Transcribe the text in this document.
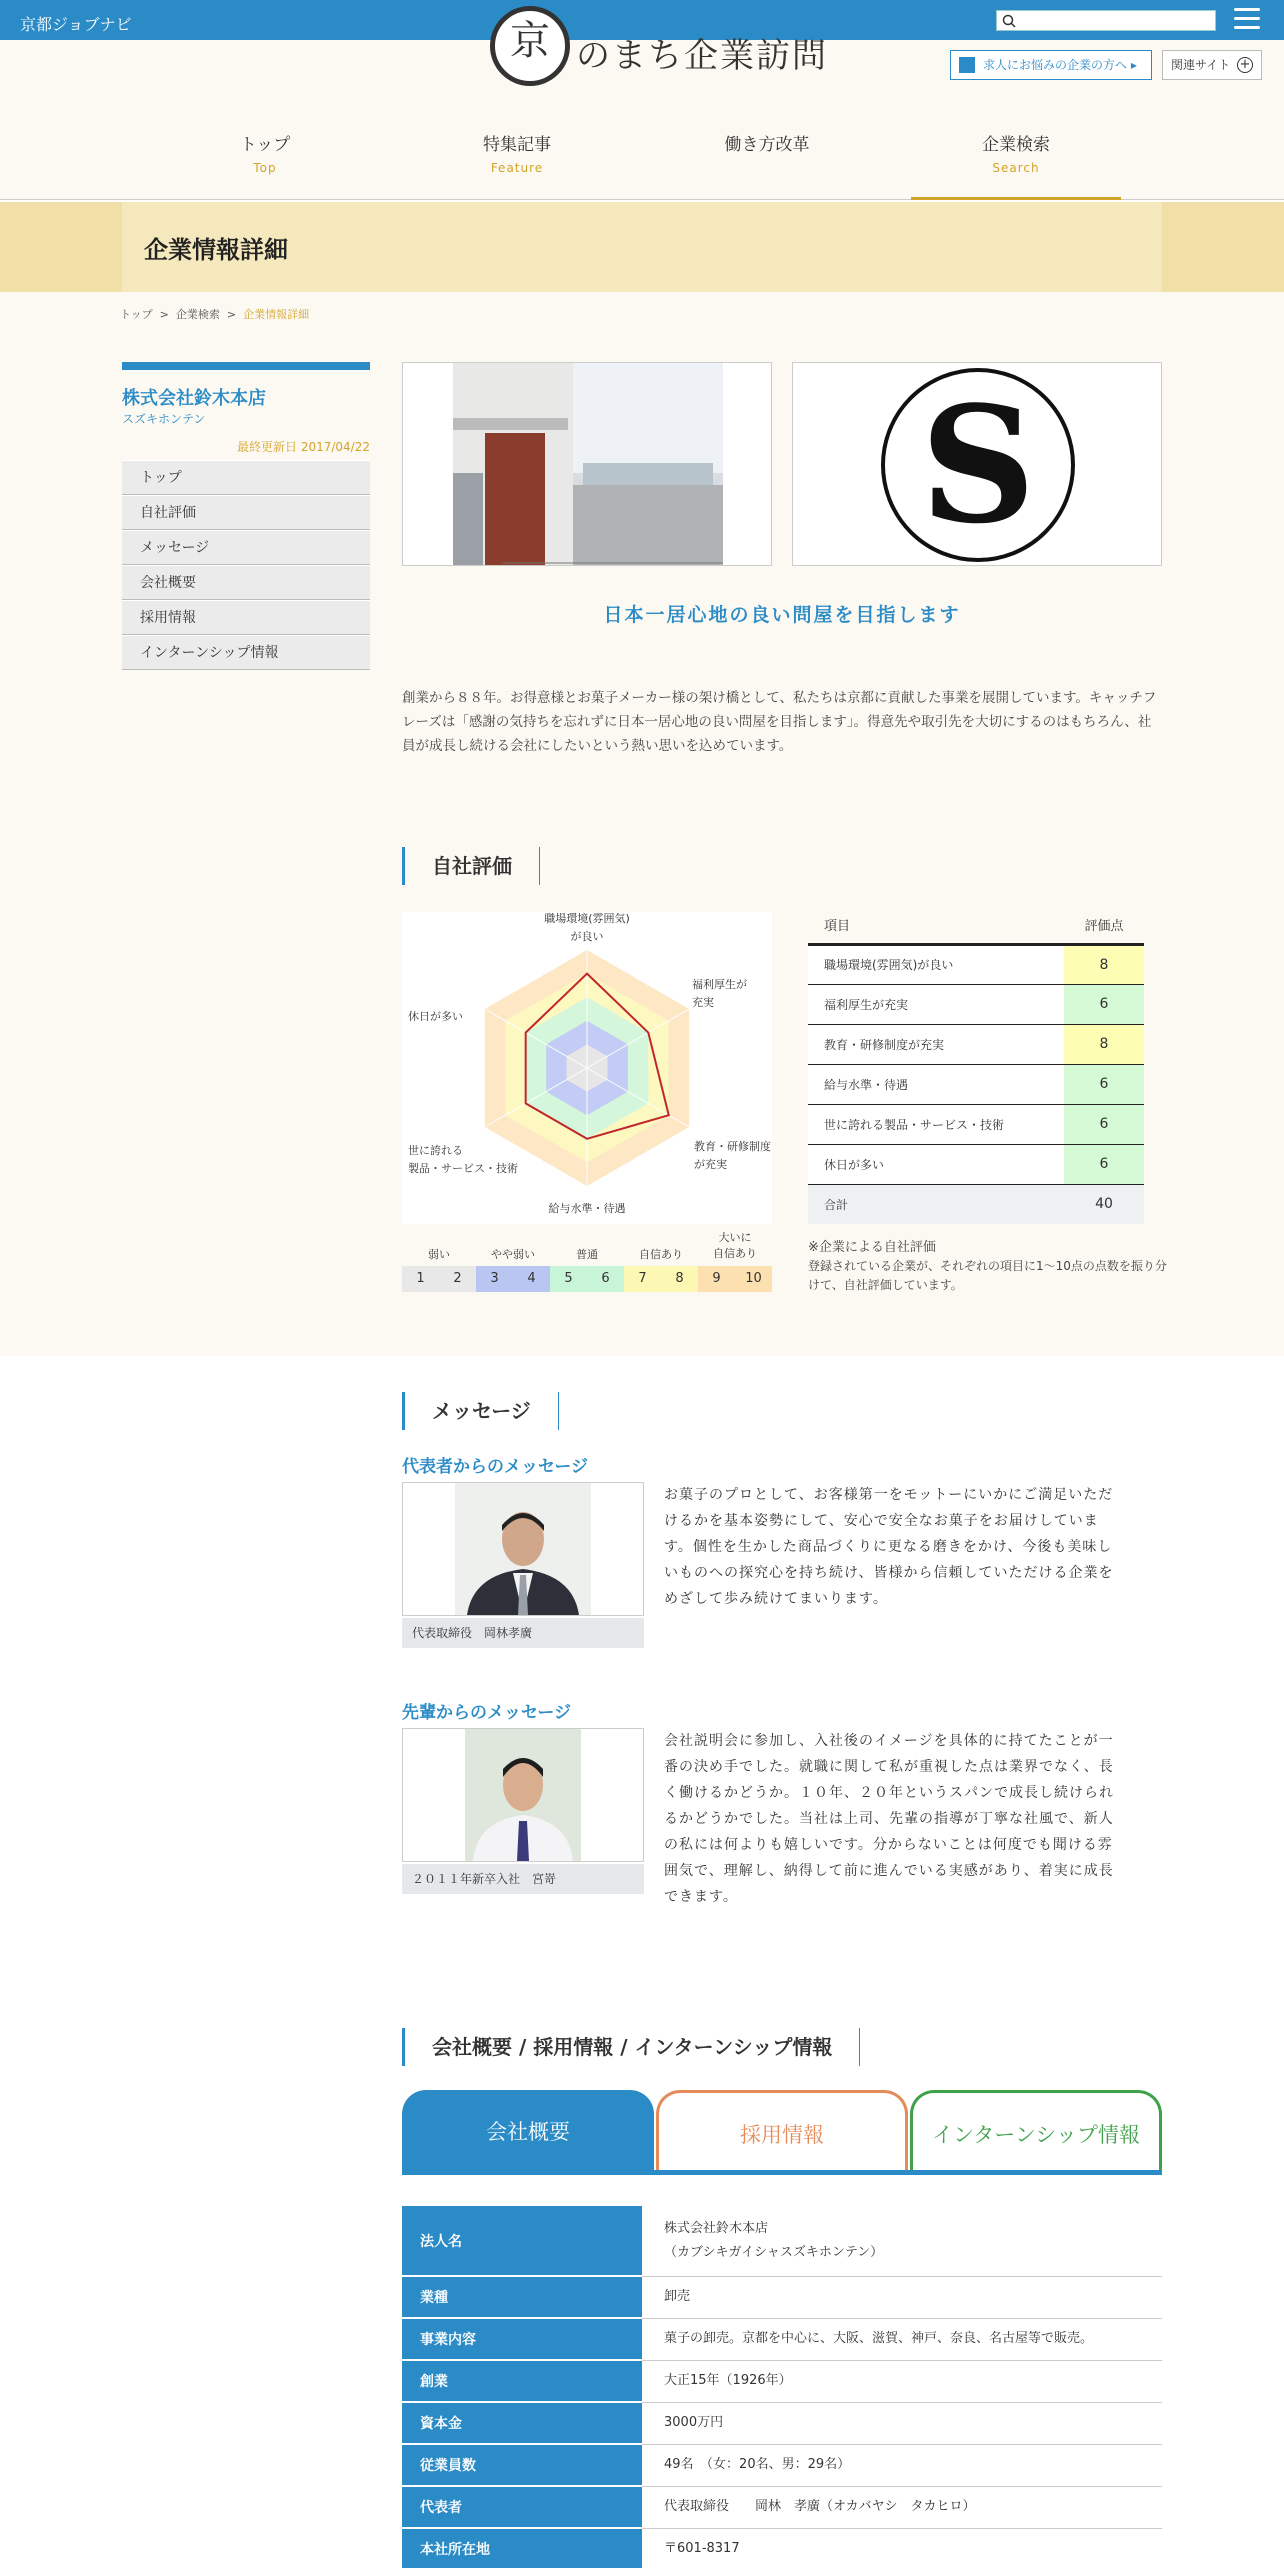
京都ジョブナビ	京 のまち企業訪問	求人にお悩みの企業の方へ ▸	関連サイト +
トップ
Top
特集記事
Feature
働き方改革	企業検索
Search
企業情報詳細
トップ > 企業検索 > 企業情報詳細
株式会社鈴木本店
スズキホンテン
最終更新日 2017/04/22
トップ
自社評価
メッセージ
会社概要
採用情報
インターンシップ情報
S
日本一居心地の良い問屋を目指します

創業から８８年。お得意様とお菓子メーカー様の架け橋として、私たちは京都に貢献した事業を展開しています。キャッチフレーズは「感謝の気持ちを忘れずに日本一居心地の良い問屋を目指します」。得意先や取引先を大切にするのはもちろん、社員が成長し続ける会社にしたいという熱い思いを込めています。

自社評価
職場環境(雰囲気)が良い
福利厚生が充実
教育・研修制度が充実
給与水準・待遇
世に誇れる製品・サービス・技術
休日が多い
弱い	やや弱い	普通	自信あり
大いに
自信あり
1	2	3	4	5	6	7	8	9	10
項目	評価点
職場環境(雰囲気)が良い	8
福利厚生が充実	6
教育・研修制度が充実	8
給与水準・待遇	6
世に誇れる製品・サービス・技術	6
休日が多い	6
合計	40
※企業による自社評価
登録されている企業が、それぞれの項目に1〜10点の点数を振り分けて、自社評価しています。
メッセージ
代表者からのメッセージ
代表取締役　岡林孝廣

お菓子のプロとして、お客様第一をモットーにいかにご満足いただけるかを基本姿勢にして、安心で安全なお菓子をお届けしています。個性を生かした商品づくりに更なる磨きをかけ、今後も美味しいものへの探究心を持ち続け、皆様から信頼していただける企業をめざして歩み続けてまいります。

先輩からのメッセージ
２０１１年新卒入社　宮嵜

会社説明会に参加し、入社後のイメージを具体的に持てたことが一番の決め手でした。就職に関して私が重視した点は業界でなく、長く働けるかどうか。１０年、２０年というスパンで成長し続けられるかどうかでした。当社は上司、先輩の指導が丁寧な社風で、新人の私には何よりも嬉しいです。分からないことは何度でも聞ける雰囲気で、理解し、納得して前に進んでいる実感があり、着実に成長できます。

会社概要 / 採用情報 / インターンシップ情報
会社概要	採用情報	インターンシップ情報
法人名	株式会社鈴木本店
（カブシキガイシャスズキホンテン）
業種	卸売
事業内容	菓子の卸売。京都を中心に、大阪、滋賀、神戸、奈良、名古屋等で販売。
創業	大正15年（1926年）
資本金	3000万円
従業員数	49名　（女：20名、男：29名）
代表者	代表取締役　　岡林　孝廣（オカバヤシ　タカヒロ）
本社所在地	〒601-8317
